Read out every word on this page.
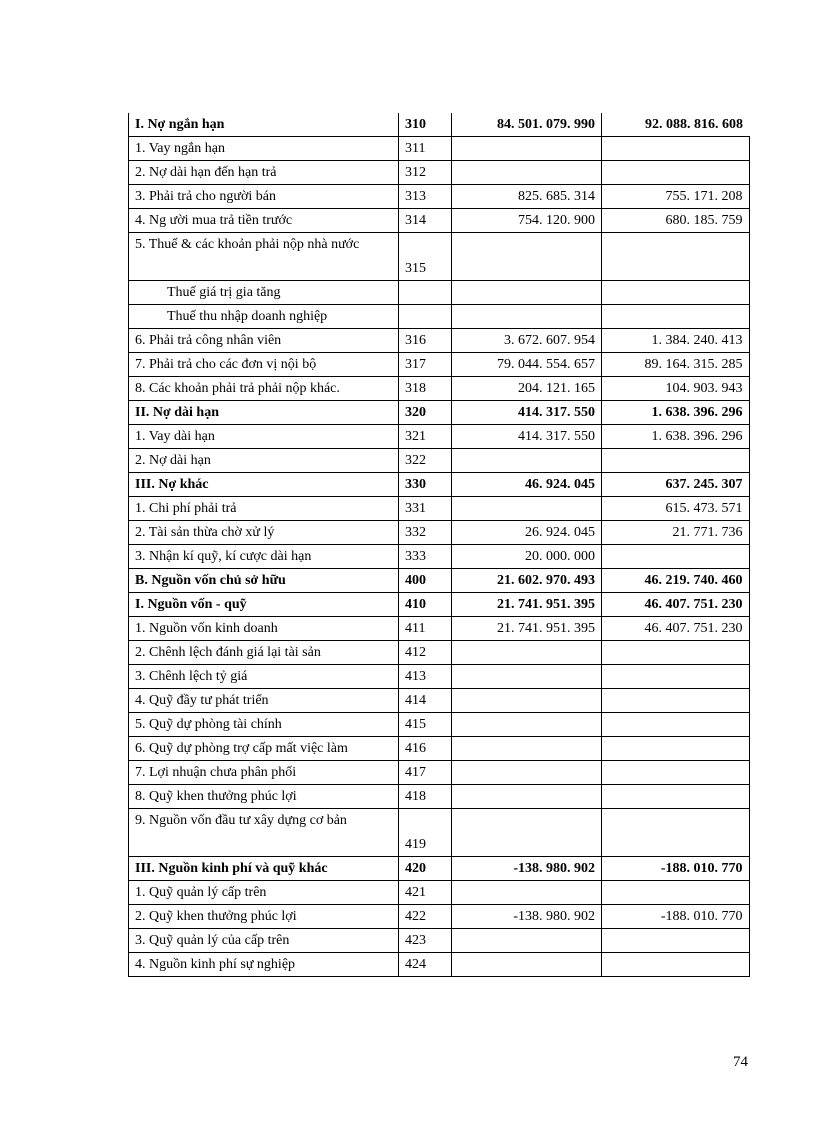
I. Nợ ngắn hạn	310	84. 501. 079. 990	92. 088. 816. 608
1. Vay ngắn hạn	311		
2. Nợ dài hạn đến hạn trả	312		
3. Phải trả cho người bán	313	825. 685. 314	755. 171. 208
4. Ng ười mua trả tiền trước	314	754. 120. 900	680. 185. 759
5. Thuế & các khoản phải nộp nhà nước	315		
Thuế giá trị gia tăng			
Thuế thu nhập doanh nghiệp			
6. Phải trả công nhân viên	316	3. 672. 607. 954	1. 384. 240. 413
7. Phải trả cho các đơn vị nội bộ	317	79. 044. 554. 657	89. 164. 315. 285
8. Các khoản phải trả phải nộp khác.	318	204. 121. 165	104. 903. 943
II. Nợ dài hạn	320	414. 317. 550	1. 638. 396. 296
1. Vay dài hạn	321	414. 317. 550	1. 638. 396. 296
2. Nợ dài hạn	322		
III. Nợ khác	330	46. 924. 045	637. 245. 307
1. Chi phí phải trả	331		615. 473. 571
2. Tài sản thừa chờ xử lý	332	26. 924. 045	21. 771. 736
3. Nhận kí quỹ, kí cược dài hạn	333	20. 000. 000	
B. Nguồn vốn chủ sở hữu	400	21. 602. 970. 493	46. 219. 740. 460
I. Nguồn vốn - quỹ	410	21. 741. 951. 395	46. 407. 751. 230
1. Nguồn vốn kinh doanh	411	21. 741. 951. 395	46. 407. 751. 230
2. Chênh lệch đánh giá lại tài sản	412		
3. Chênh lệch tỷ giá	413		
4. Quỹ đầy tư phát triển	414		
5. Quỹ dự phòng tài chính	415		
6. Quỹ dự phòng trợ cấp mất việc làm	416		
7. Lợi nhuận chưa phân phối	417		
8. Quỹ khen thưởng phúc lợi	418		
9. Nguồn vốn đầu tư xây dựng cơ bản	419		
III. Nguồn kinh phí và quỹ khác	420	-138. 980. 902	-188. 010. 770
1. Quỹ quản lý cấp trên	421		
2. Quỹ khen thưởng phúc lợi	422	-138. 980. 902	-188. 010. 770
3. Quỹ quản lý của cấp trên	423		
4. Nguồn kinh phí sự nghiệp	424		
74
